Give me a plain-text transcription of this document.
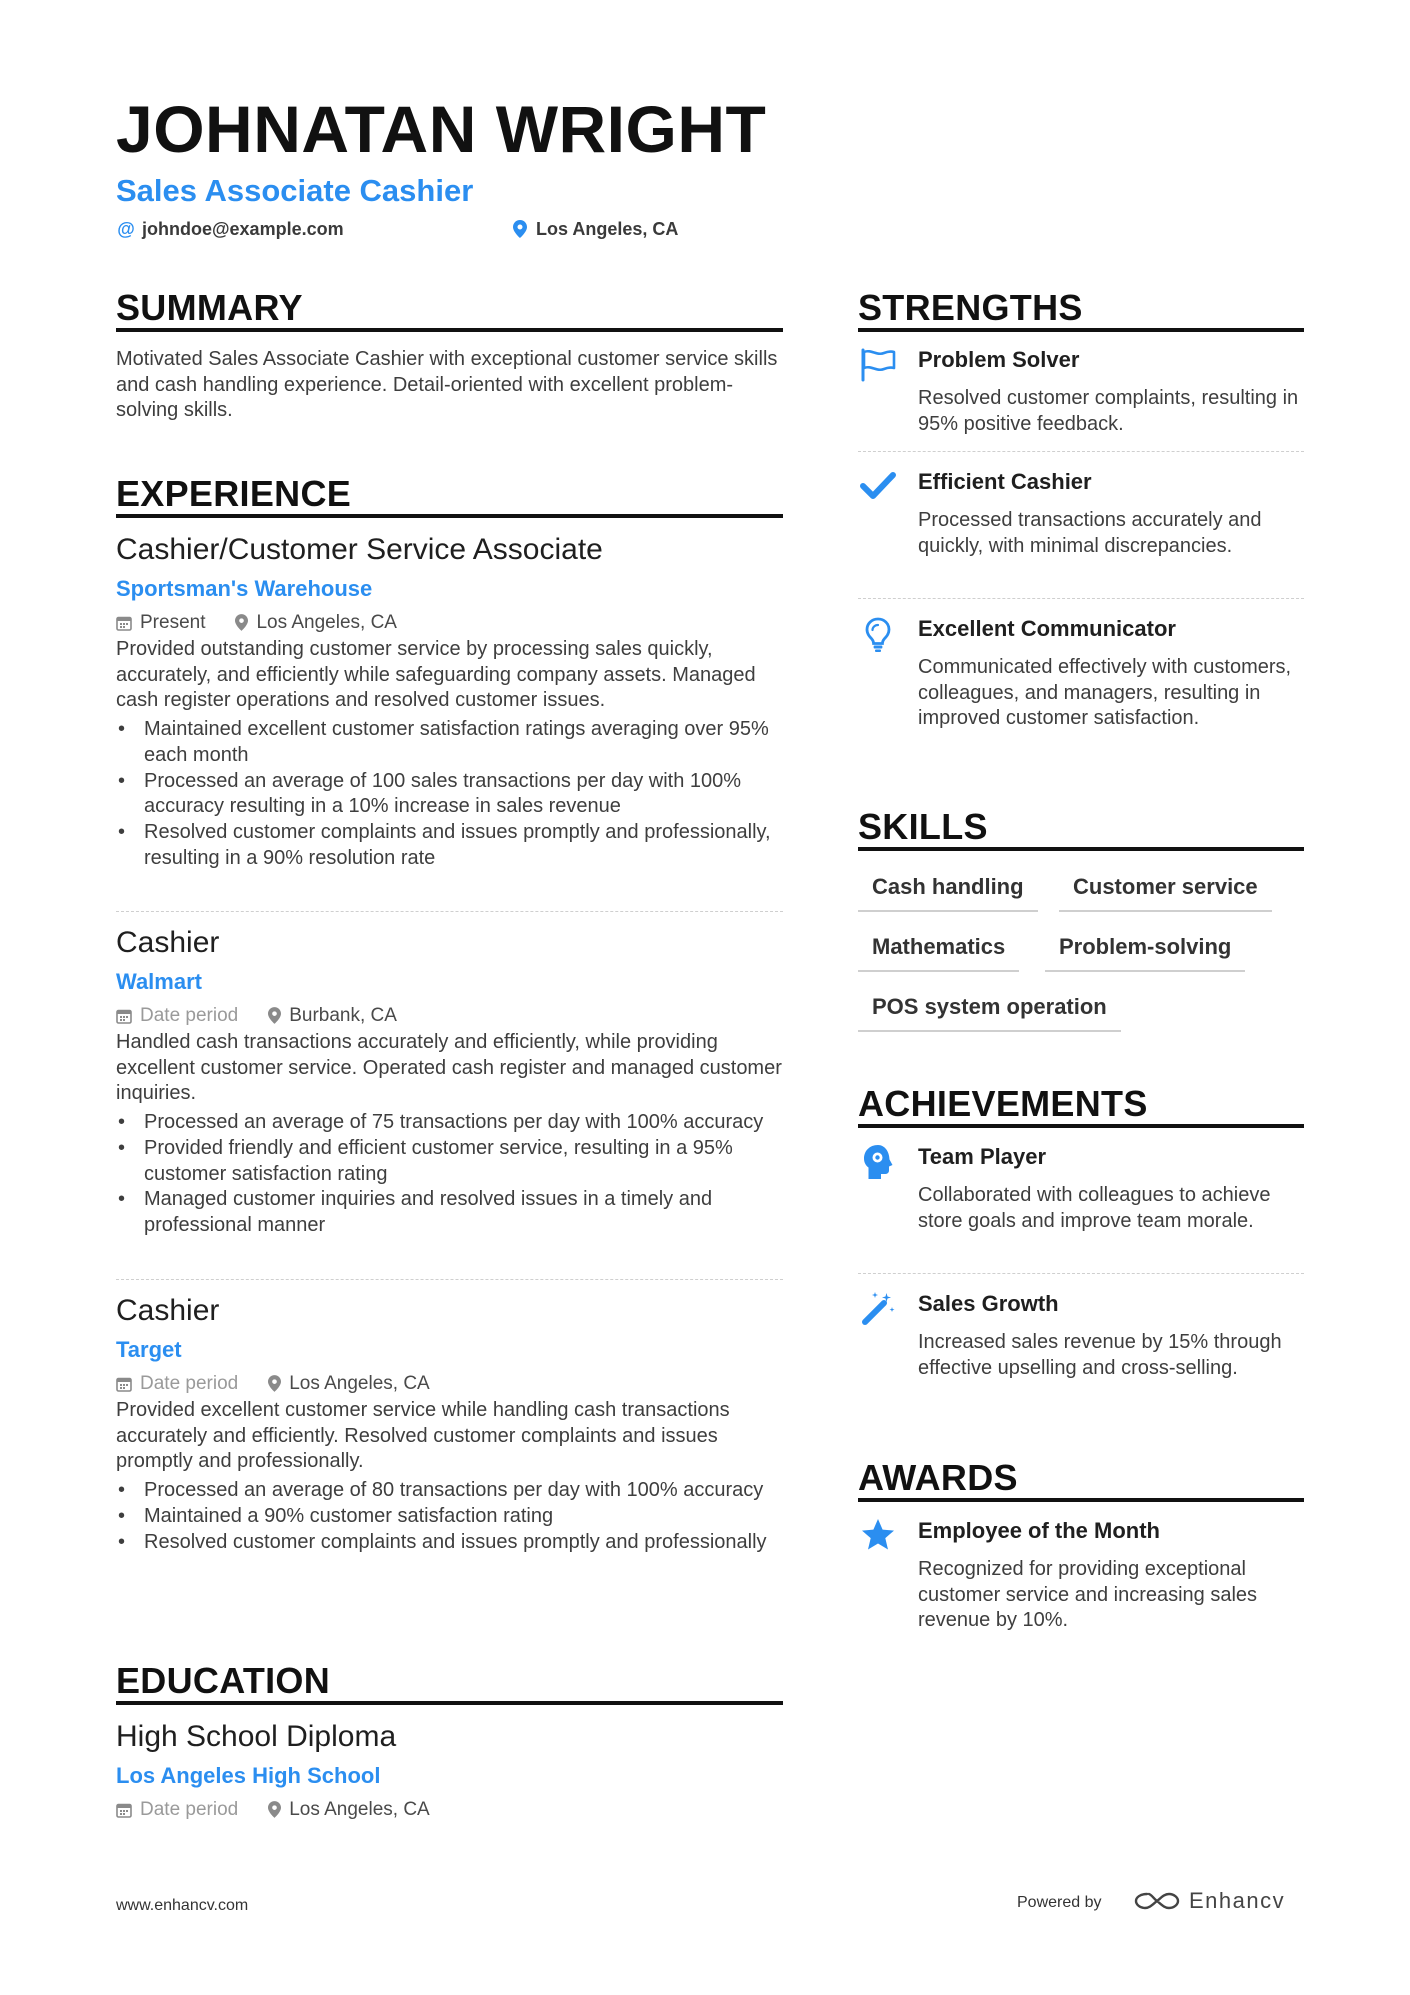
JOHNATAN WRIGHT
Sales Associate Cashier
@ johndoe@example.com	Los Angeles, CA
SUMMARY
Motivated Sales Associate Cashier with exceptional customer service skills and cash handling experience. Detail-oriented with excellent problem-solving skills.
EXPERIENCE
Cashier/Customer Service Associate
Sportsman's Warehouse
Present	Los Angeles, CA
Provided outstanding customer service by processing sales quickly, accurately, and efficiently while safeguarding company assets. Managed cash register operations and resolved customer issues.
• Maintained excellent customer satisfaction ratings averaging over 95% each month
• Processed an average of 100 sales transactions per day with 100% accuracy resulting in a 10% increase in sales revenue
• Resolved customer complaints and issues promptly and professionally, resulting in a 90% resolution rate
Cashier
Walmart
Date period	Burbank, CA
Handled cash transactions accurately and efficiently, while providing excellent customer service. Operated cash register and managed customer inquiries.
• Processed an average of 75 transactions per day with 100% accuracy
• Provided friendly and efficient customer service, resulting in a 95% customer satisfaction rating
• Managed customer inquiries and resolved issues in a timely and professional manner
Cashier
Target
Date period	Los Angeles, CA
Provided excellent customer service while handling cash transactions accurately and efficiently. Resolved customer complaints and issues promptly and professionally.
• Processed an average of 80 transactions per day with 100% accuracy
• Maintained a 90% customer satisfaction rating
• Resolved customer complaints and issues promptly and professionally
EDUCATION
High School Diploma
Los Angeles High School
Date period	Los Angeles, CA
STRENGTHS
Problem Solver
Resolved customer complaints, resulting in 95% positive feedback.
Efficient Cashier
Processed transactions accurately and quickly, with minimal discrepancies.
Excellent Communicator
Communicated effectively with customers, colleagues, and managers, resulting in improved customer satisfaction.
SKILLS
Cash handling	Customer service
Mathematics	Problem-solving
POS system operation
ACHIEVEMENTS
Team Player
Collaborated with colleagues to achieve store goals and improve team morale.
Sales Growth
Increased sales revenue by 15% through effective upselling and cross-selling.
AWARDS
Employee of the Month
Recognized for providing exceptional customer service and increasing sales revenue by 10%.
www.enhancv.com	Powered by	Enhancv
